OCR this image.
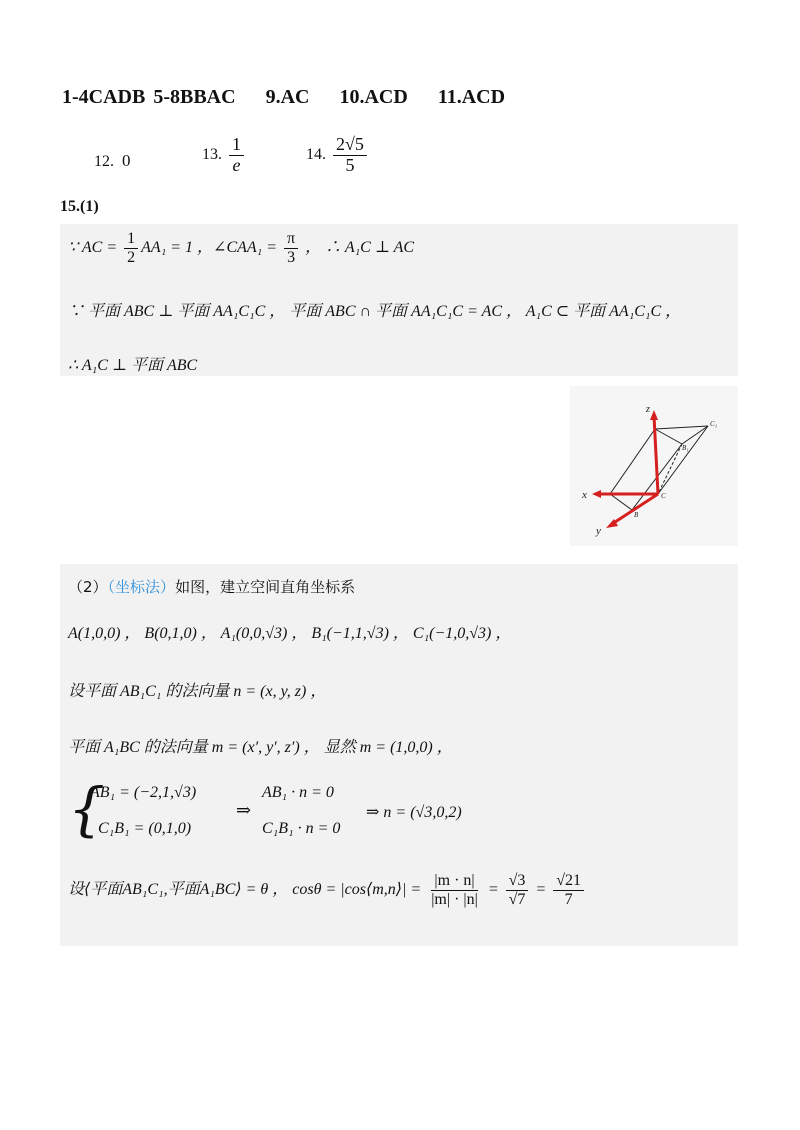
1-4CADB 5-8BBAC 9.AC 10.ACD 11.ACD
12. 0	13. $\frac{1}{e}$	14. $\frac{2√5}{5}$
15.(1)
∵ AC = $\frac{1}{2} AA_1 = 1$ ，∠CAA₁ = $\frac{\pi}{3}$ ， ∴ A₁C ⊥ AC
∵ 平面 ABC ⊥ 平面 AA₁C₁C ， 平面 ABC ∩ 平面 AA₁C₁C = AC ， A₁C ⊂ 平面 AA₁C₁C ，
∴ A₁C ⊥ 平面 ABC
z
x
y
C₁
B₁
C
B
（2）（坐标法）如图，建立空间直角坐标系
A(1,0,0) ， B(0,1,0) ， A₁(0,0,√3) ， B₁(−1,1,√3) ， C₁(−1,0,√3) ，
设平面 AB₁C₁ 的法向量 n = (x, y, z) ，
平面 A₁BC 的法向量 m = (x′, y′, z′) ， 显然 m = (1,0,0) ，
{
AB₁ = (−2,1,√3)
C₁B₁ = (0,1,0)
⇒
AB₁ · n = 0
C₁B₁ · n = 0
⇒ n = (√3,0,2)
设⟨平面AB₁C₁,平面A₁BC⟩ = θ ， cosθ = |cos⟨m,n⟩| = $\frac{|m \cdot n|}{|m| \cdot |n|} = \frac{√3}{√7} = \frac{√21}{7}$
